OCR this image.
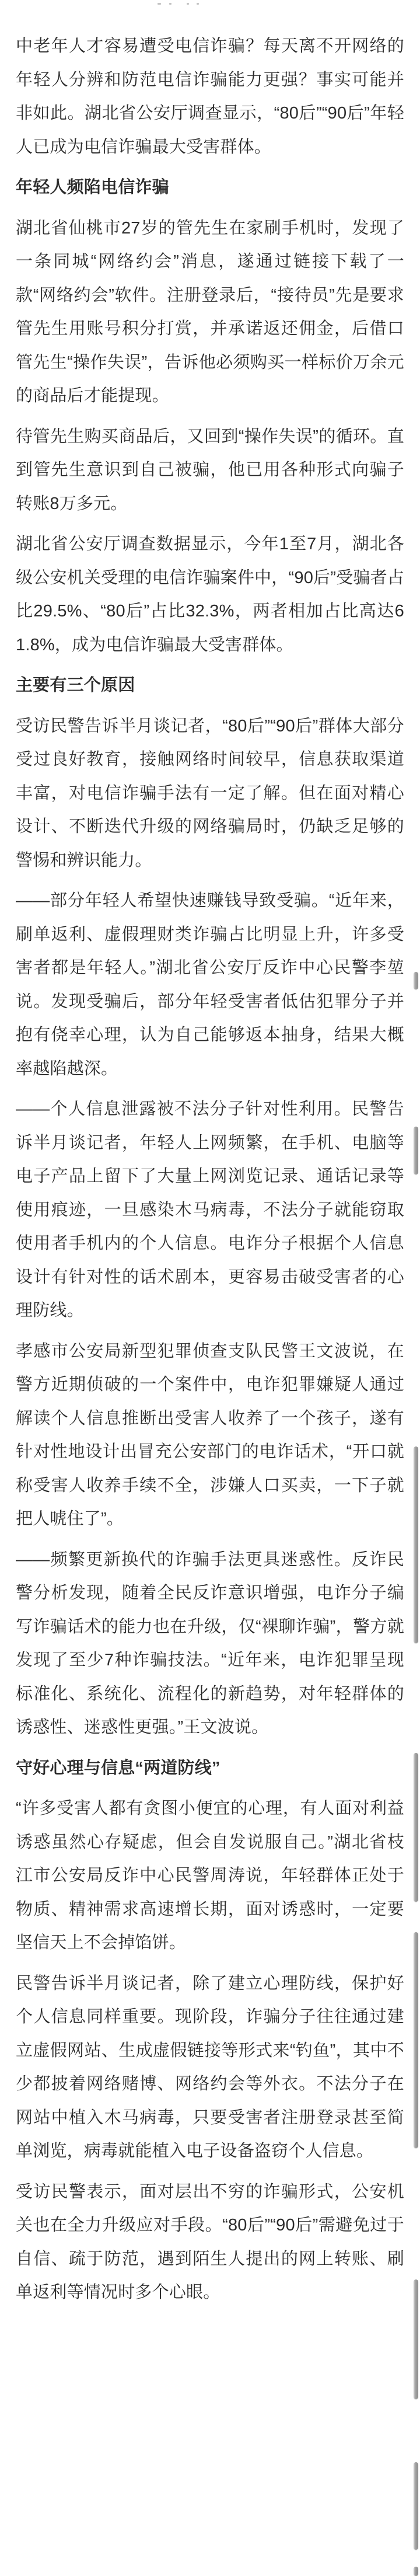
中老年人才容易遭受电信诈骗？每天离不开网络的年轻人分辨和防范电信诈骗能力更强？事实可能并非如此。湖北省公安厅调查显示，“80后”“90后”年轻人已成为电信诈骗最大受害群体。

年轻人频陷电信诈骗

湖北省仙桃市27岁的管先生在家刷手机时，发现了一条同城“网络约会”消息，遂通过链接下载了一款“网络约会”软件。注册登录后，“接待员”先是要求管先生用账号积分打赏，并承诺返还佣金，后借口管先生“操作失误”，告诉他必须购买一样标价万余元的商品后才能提现。

待管先生购买商品后，又回到“操作失误”的循环。直到管先生意识到自己被骗，他已用各种形式向骗子转账8万多元。

湖北省公安厅调查数据显示，今年1至7月，湖北各级公安机关受理的电信诈骗案件中，“90后”受骗者占比29.5%、“80后”占比32.3%，两者相加占比高达61.8%，成为电信诈骗最大受害群体。

主要有三个原因

受访民警告诉半月谈记者，“80后”“90后”群体大部分受过良好教育，接触网络时间较早，信息获取渠道丰富，对电信诈骗手法有一定了解。但在面对精心设计、不断迭代升级的网络骗局时，仍缺乏足够的警惕和辨识能力。

——部分年轻人希望快速赚钱导致受骗。“近年来，刷单返利、虚假理财类诈骗占比明显上升，许多受害者都是年轻人。”湖北省公安厅反诈中心民警李堃说。发现受骗后，部分年轻受害者低估犯罪分子并抱有侥幸心理，认为自己能够返本抽身，结果大概率越陷越深。

——个人信息泄露被不法分子针对性利用。民警告诉半月谈记者，年轻人上网频繁，在手机、电脑等电子产品上留下了大量上网浏览记录、通话记录等使用痕迹，一旦感染木马病毒，不法分子就能窃取使用者手机内的个人信息。电诈分子根据个人信息设计有针对性的话术剧本，更容易击破受害者的心理防线。

孝感市公安局新型犯罪侦查支队民警王文波说，在警方近期侦破的一个案件中，电诈犯罪嫌疑人通过解读个人信息推断出受害人收养了一个孩子，遂有针对性地设计出冒充公安部门的电诈话术，“开口就称受害人收养手续不全，涉嫌人口买卖，一下子就把人唬住了”。

——频繁更新换代的诈骗手法更具迷惑性。反诈民警分析发现，随着全民反诈意识增强，电诈分子编写诈骗话术的能力也在升级，仅“裸聊诈骗”，警方就发现了至少7种诈骗技法。“近年来，电诈犯罪呈现标准化、系统化、流程化的新趋势，对年轻群体的诱惑性、迷惑性更强。”王文波说。

守好心理与信息“两道防线”

“许多受害人都有贪图小便宜的心理，有人面对利益诱惑虽然心存疑虑，但会自发说服自己。”湖北省枝江市公安局反诈中心民警周涛说，年轻群体正处于物质、精神需求高速增长期，面对诱惑时，一定要坚信天上不会掉馅饼。

民警告诉半月谈记者，除了建立心理防线，保护好个人信息同样重要。现阶段，诈骗分子往往通过建立虚假网站、生成虚假链接等形式来“钓鱼”，其中不少都披着网络赌博、网络约会等外衣。不法分子在网站中植入木马病毒，只要受害者注册登录甚至简单浏览，病毒就能植入电子设备盗窃个人信息。

受访民警表示，面对层出不穷的诈骗形式，公安机关也在全力升级应对手段。“80后”“90后”需避免过于自信、疏于防范，遇到陌生人提出的网上转账、刷单返利等情况时多个心眼。
